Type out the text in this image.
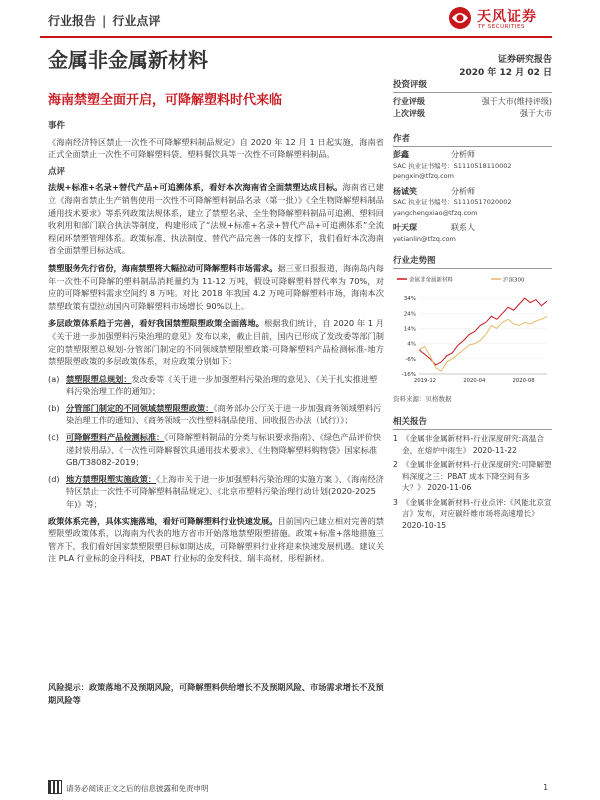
行业报告 | 行业点评	天风证券
TF SECURITIES
金属非金属新材料	证券研究报告
2020 年 12 月 02 日
海南禁塑全面开启，可降解塑料时代来临
事件
《海南经济特区禁止一次性不可降解塑料制品规定》自 2020 年 12 月 1 日起实施，海南省正式全面禁止一次性不可降解塑料袋、塑料餐饮具等一次性不可降解塑料制品。
点评
法规+标准+名录+替代产品+可追溯体系，看好本次海南省全面禁塑达成目标。海南省已建立《海南省禁止生产销售使用一次性不可降解塑料制品名录（第一批）》《全生物降解塑料制品通用技术要求》等系列政策法规体系，建立了禁塑名录、全生物降解塑料制品可追溯、塑料回收利用和部门联合执法等制度，构建形成了“法规+标准+名录+替代产品+可追溯体系”全流程闭环禁塑管理体系。政策标准、执法制度、替代产品完善一体的支撑下，我们看好本次海南省全面禁塑目标达成。
禁塑服务先行省份，海南禁塑将大幅拉动可降解塑料市场需求。据三亚日报报道，海南岛内每年一次性不可降解的塑料制品消耗量约为 11-12 万吨，假设可降解塑料替代率为 70%，对应的可降解塑料需求空间约 8 万吨。对比 2018 年我国 4.2 万吨可降解塑料市场，海南本次禁塑政策有望拉动国内可降解塑料市场增长 90%以上。
多层政策体系趋于完善，看好我国禁塑限塑政策全面落地。根据我们统计，自 2020 年 1 月《关于进一步加强塑料污染治理的意见》发布以来，截止目前，国内已形成了发改委等部门制定的禁塑限塑总规划-分管部门制定的不同领域禁塑限塑政策-可降解塑料产品检测标准-地方禁塑限塑政策的多层政策体系，对应政策分别如下：
(a) 禁塑限塑总规划：发改委等《关于进一步加强塑料污染治理的意见》、《关于扎实推进塑料污染治理工作的通知》；
(b) 分管部门制定的不同领域禁塑限塑政策：《商务部办公厅关于进一步加强商务领域塑料污染治理工作的通知》、《商务领域一次性塑料制品使用、回收报告办法（试行）》；
(c) 可降解塑料产品检测标准：《可降解塑料制品的分类与标识要求指南》、《绿色产品评价快递封装用品》、《一次性可降解餐饮具通用技术要求》、《生物降解塑料购物袋》国家标准 GB/T38082-2019；
(d) 地方禁塑限塑实施政策：《上海市关于进一步加强塑料污染治理的实施方案 》、《海南经济特区禁止一次性不可降解塑料制品规定》、《北京市塑料污染治理行动计划(2020-2025 年)》等；
政策体系完善，具体实施落地，看好可降解塑料行业快速发展。目前国内已建立相对完善的禁塑限塑政策体系，以海南为代表的地方省市开始落地禁塑限塑措施。政策+标准+落地措施三管齐下，我们看好国家禁塑限塑目标如期达成，可降解塑料行业将迎来快速发展机遇。建议关注 PLA 行业标的金丹科技，PBAT 行业标的金发科技、瑞丰高材、彤程新材。
风险提示：政策落地不及预期风险，可降解塑料供给增长不及预期风险、市场需求增长不及预期风险等
投资评级
行业评级	强于大市(维持评级)
上次评级	强于大市
作者
彭鑫	分析师
SAC 执业证书编号：S1110518110002
pengxin@tfzq.com
杨诚笑	分析师
SAC 执业证书编号：S1110517020002
yangchengxiao@tfzq.com
叶天琛	联系人
yetianlin@tfzq.com
行业走势图
金属非金属新材料	沪深300
34%
24%
14%
4%
-6%
-16%
2019-12	2020-04	2020-08
资料来源：贝格数据
相关报告
1 《金属非金属新材料-行业深度研究:高温合金，在熔炉中雨生》 2020-11-22
2 《金属非金属新材料-行业深度研究:可降解塑料深度之三：PBAT 成本下降空间有多大？》 2020-11-06
3 《金属非金属新材料-行业点评:《风能北京宣言》发布，对应碳纤维市场将高速增长》 2020-10-15
请务必阅读正文之后的信息披露和免责申明	1
